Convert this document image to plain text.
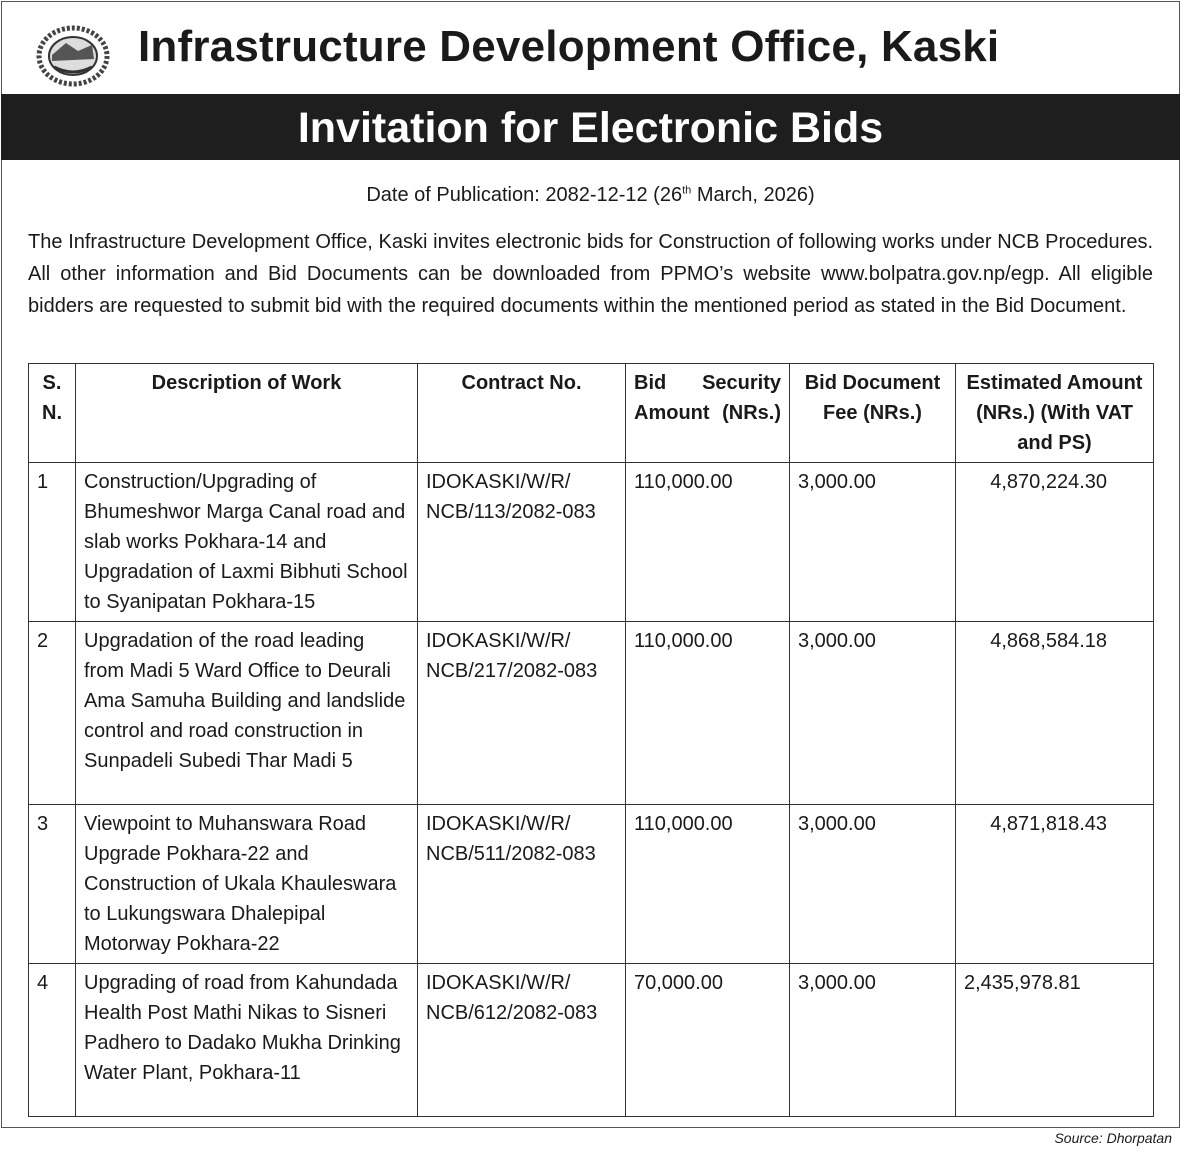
Infrastructure Development Office, Kaski
Invitation for Electronic Bids
Date of Publication: 2082-12-12 (26th March, 2026)
The Infrastructure Development Office, Kaski invites electronic bids for Construction of following works under NCB Procedures. All other information and Bid Documents can be downloaded from PPMO’s website www.bolpatra.gov.np/egp. All eligible bidders are requested to submit bid with the required documents within the mentioned period as stated in the Bid Document.
S. N.	Description of Work	Contract No.	Bid Security Amount (NRs.)	Bid Document Fee (NRs.)	Estimated Amount (NRs.) (With VAT and PS)
1	Construction/Upgrading of Bhumeshwor Marga Canal road and slab works Pokhara-14 and Upgradation of Laxmi Bibhuti School to Syanipatan Pokhara-15	IDOKASKI/W/R/ NCB/113/2082-083	110,000.00	3,000.00	4,870,224.30
2	Upgradation of the road leading from Madi 5 Ward Office to Deurali Ama Samuha Building and landslide control and road construction in Sunpadeli Subedi Thar Madi 5	IDOKASKI/W/R/ NCB/217/2082-083	110,000.00	3,000.00	4,868,584.18
3	Viewpoint to Muhanswara Road Upgrade Pokhara-22 and Construction of Ukala Khauleswara to Lukungswara Dhalepipal Motorway Pokhara-22	IDOKASKI/W/R/ NCB/511/2082-083	110,000.00	3,000.00	4,871,818.43
4	Upgrading of road from Kahundada Health Post Mathi Nikas to Sisneri Padhero to Dadako Mukha Drinking Water Plant, Pokhara-11	IDOKASKI/W/R/ NCB/612/2082-083	70,000.00	3,000.00	2,435,978.81
Source: Dhorpatan
